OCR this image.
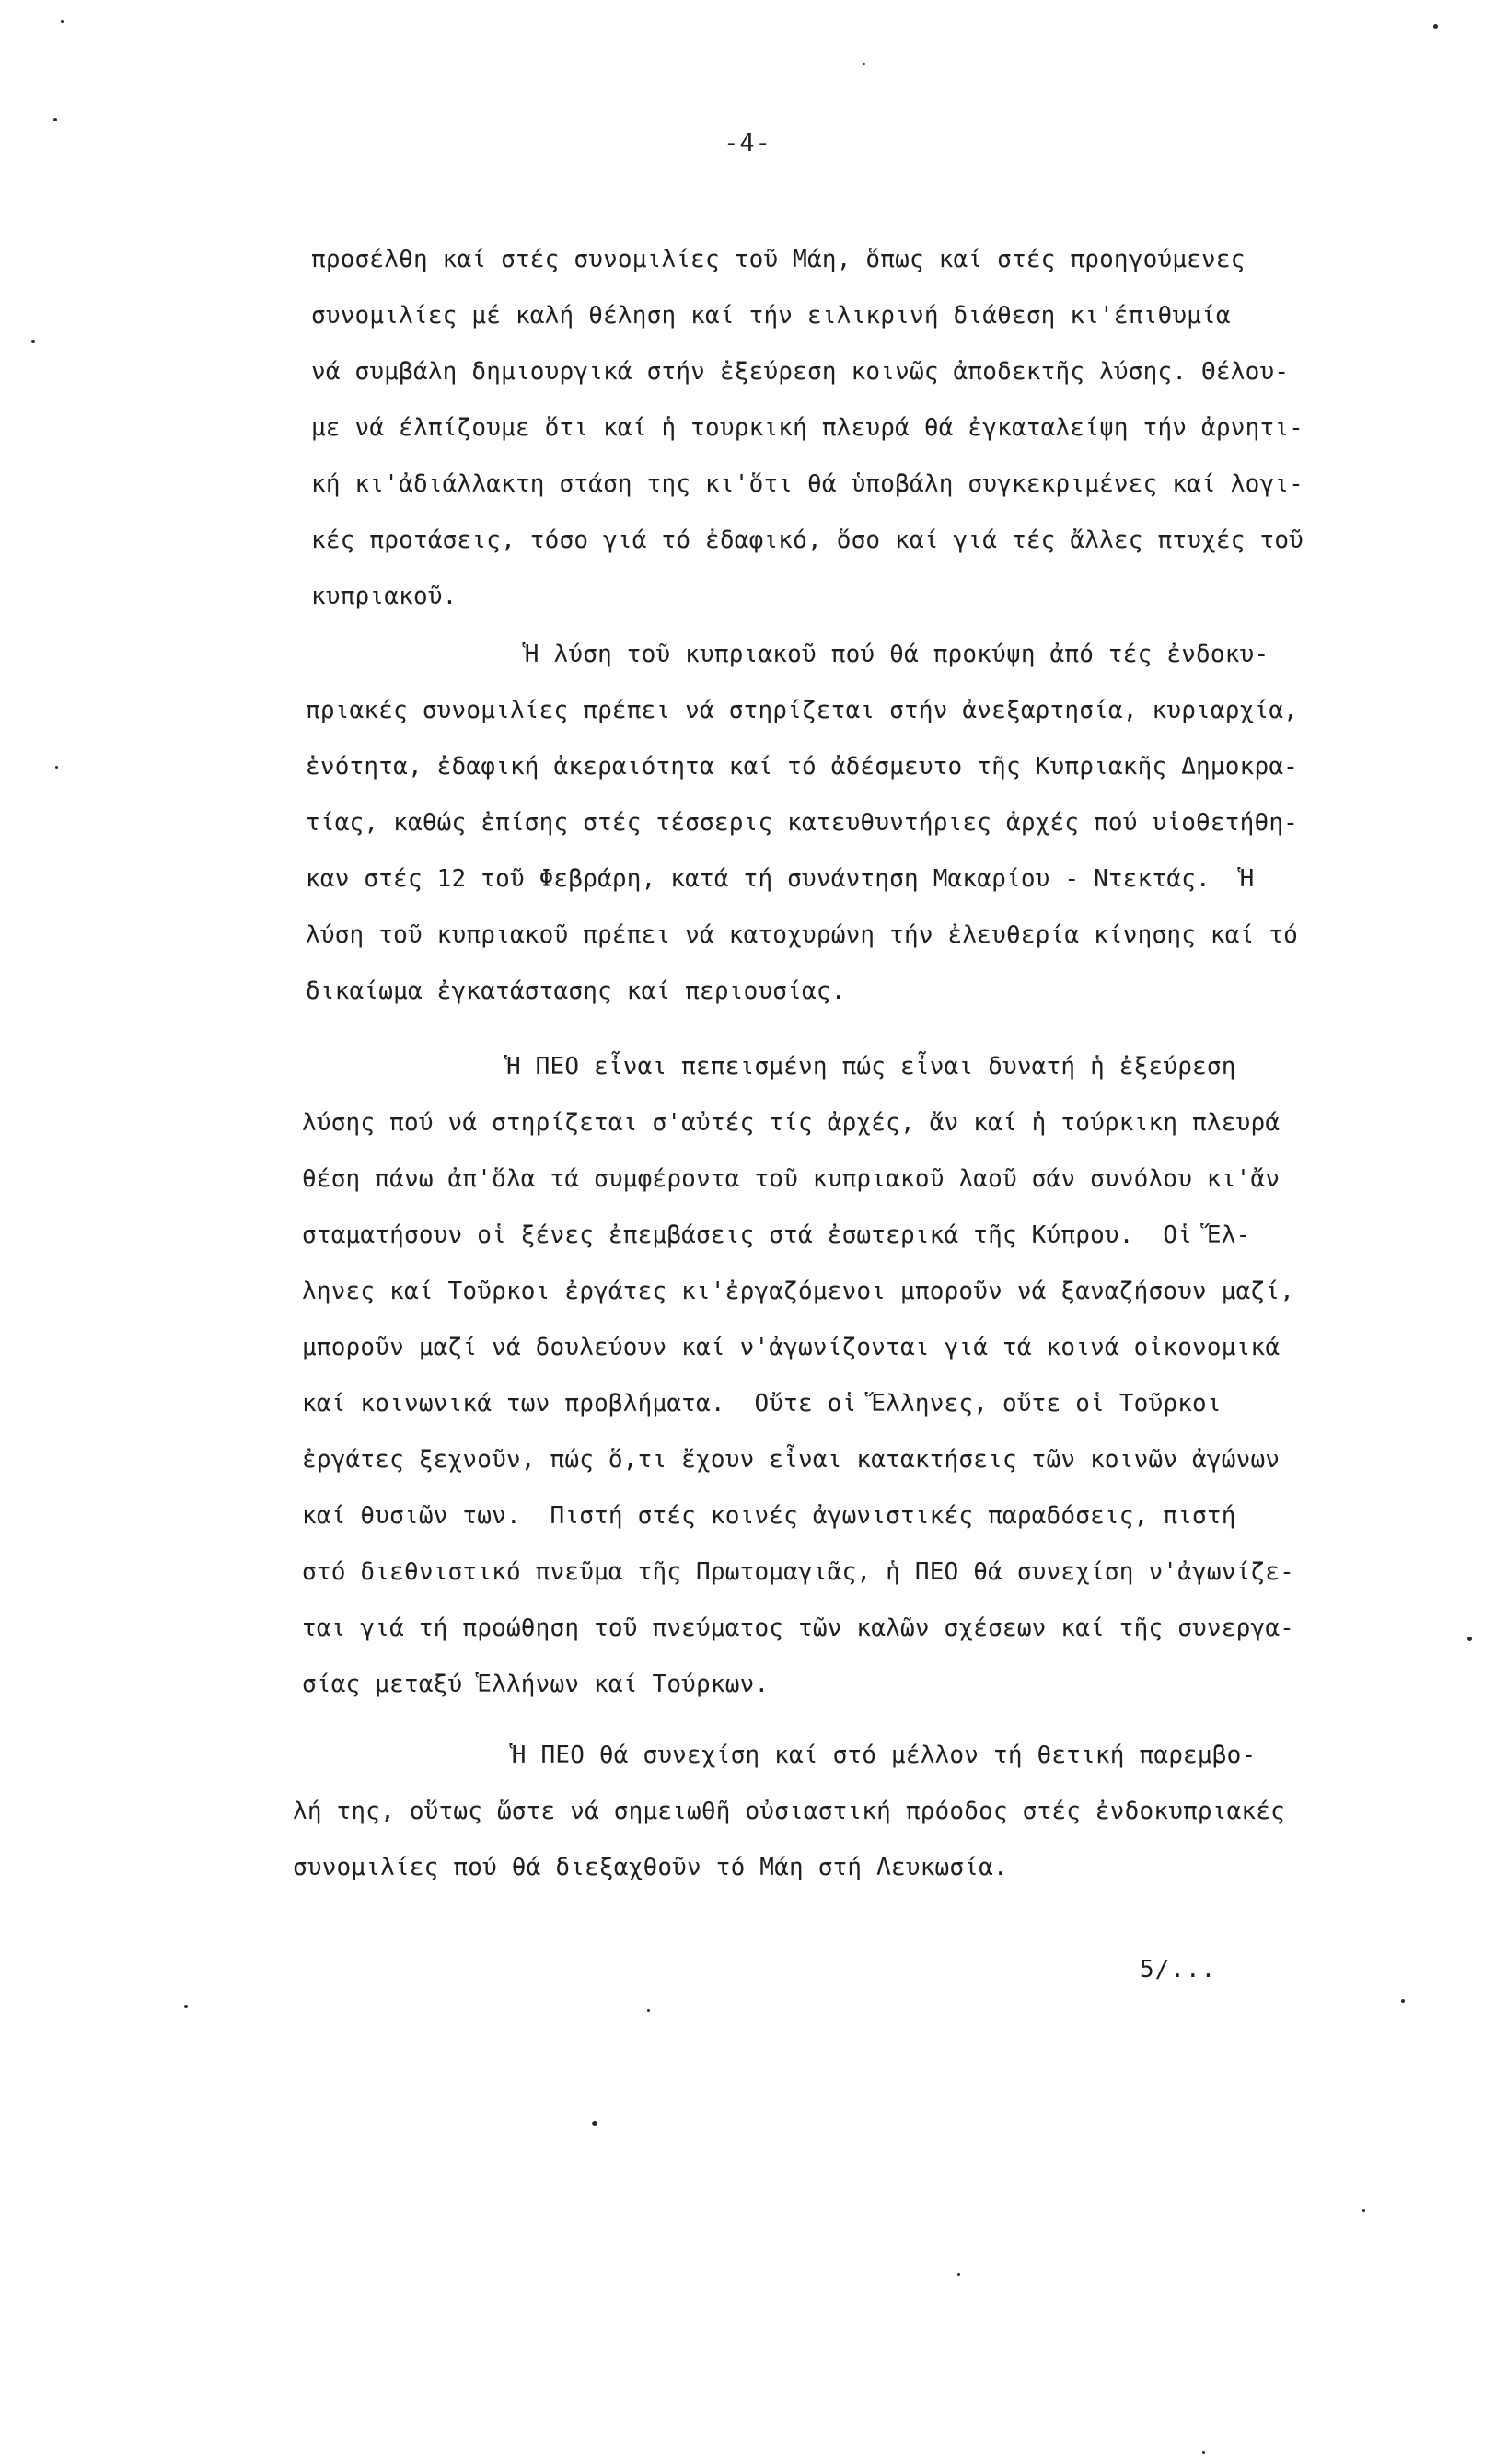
-4-
προσέλθη καί στές συνομιλίες τοῦ Μάη, ὅπως καί στές προηγούμενες
συνομιλίες μέ καλή θέληση καί τήν ειλικρινή διάθεση κι'έπιθυμία
νά συμβάλη δημιουργικά στήν ἐξεύρεση κοινῶς ἀποδεκτῆς λύσης. Θέλου-
με νά έλπίζουμε ὅτι καί ἡ τουρκική πλευρά θά ἐγκαταλείψη τήν ἀρνητι-
κή κι'ἀδιάλλακτη στάση της κι'ὅτι θά ὑποβάλη συγκεκριμένες καί λογι-
κές προτάσεις, τόσο γιά τό ἐδαφικό, ὅσο καί γιά τές ἄλλες πτυχές τοῦ
κυπριακοῦ.
Ἡ λύση τοῦ κυπριακοῦ πού θά προκύψη ἀπό τές ἐνδοκυ-
πριακές συνομιλίες πρέπει νά στηρίζεται στήν ἀνεξαρτησία, κυριαρχία,
ἑνότητα, ἐδαφική ἀκεραιότητα καί τό ἀδέσμευτο τῆς Κυπριακῆς Δημοκρα-
τίας, καθώς ἐπίσης στές τέσσερις κατευθυντήριες ἀρχές πού υἱοθετήθη-
καν στές 12 τοῦ Φεβράρη, κατά τή συνάντηση Μακαρίου - Ντεκτάς.  Ἡ
λύση τοῦ κυπριακοῦ πρέπει νά κατοχυρώνη τήν ἐλευθερία κίνησης καί τό
δικαίωμα ἐγκατάστασης καί περιουσίας.
Ἡ ΠΕΟ εἶναι πεπεισμένη πώς εἶναι δυνατή ἡ ἐξεύρεση
λύσης πού νά στηρίζεται σ'αὐτές τίς ἀρχές, ἄν καί ἡ τούρκικη πλευρά
θέση πάνω ἀπ'ὅλα τά συμφέροντα τοῦ κυπριακοῦ λαοῦ σάν συνόλου κι'ἄν
σταματήσουν οἱ ξένες ἐπεμβάσεις στά ἐσωτερικά τῆς Κύπρου.  Οἱ Ἕλ-
ληνες καί Τοῦρκοι ἐργάτες κι'ἐργαζόμενοι μποροῦν νά ξαναζήσουν μαζί,
μποροῦν μαζί νά δουλεύουν καί ν'ἀγωνίζονται γιά τά κοινά οἰκονομικά
καί κοινωνικά των προβλήματα.  Οὔτε οἱ Ἕλληνες, οὔτε οἱ Τοῦρκοι
ἐργάτες ξεχνοῦν, πώς ὅ,τι ἔχουν εἶναι κατακτήσεις τῶν κοινῶν ἀγώνων
καί θυσιῶν των.  Πιστή στές κοινές ἀγωνιστικές παραδόσεις, πιστή
στό διεθνιστικό πνεῦμα τῆς Πρωτομαγιᾶς, ἡ ΠΕΟ θά συνεχίση ν'ἀγωνίζε-
ται γιά τή προώθηση τοῦ πνεύματος τῶν καλῶν σχέσεων καί τῆς συνεργα-
σίας μεταξύ Ἑλλήνων καί Τούρκων.
Ἡ ΠΕΟ θά συνεχίση καί στό μέλλον τή θετική παρεμβο-
λή της, οὕτως ὥστε νά σημειωθῆ οὐσιαστική πρόοδος στές ἐνδοκυπριακές
συνομιλίες πού θά διεξαχθοῦν τό Μάη στή Λευκωσία.
5/...
